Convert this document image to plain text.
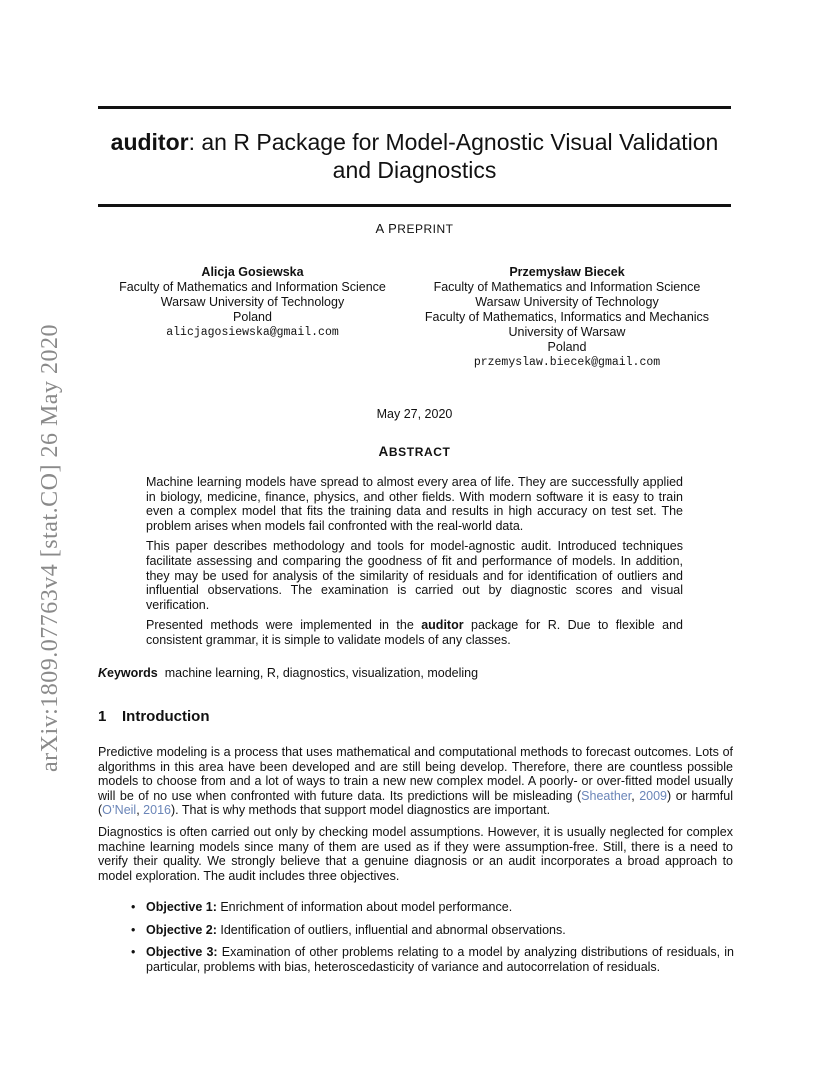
arXiv:1809.07763v4 [stat.CO] 26 May 2020
auditor: an R Package for Model-Agnostic Visual Validation
and Diagnostics
A PREPRINT
Alicja Gosiewska
Faculty of Mathematics and Information Science
Warsaw University of Technology
Poland
alicjagosiewska@gmail.com
Przemysław Biecek
Faculty of Mathematics and Information Science
Warsaw University of Technology
Faculty of Mathematics, Informatics and Mechanics
University of Warsaw
Poland
przemyslaw.biecek@gmail.com
May 27, 2020
ABSTRACT

Machine learning models have spread to almost every area of life. They are successfully applied in biology, medicine, finance, physics, and other fields. With modern software it is easy to train even a complex model that fits the training data and results in high accuracy on test set. The problem arises when models fail confronted with the real-world data.

This paper describes methodology and tools for model-agnostic audit. Introduced techniques facilitate assessing and comparing the goodness of fit and performance of models. In addition, they may be used for analysis of the similarity of residuals and for identification of outliers and influential observations. The examination is carried out by diagnostic scores and visual verification.

Presented methods were implemented in the auditor package for R. Due to flexible and consistent grammar, it is simple to validate models of any classes.

Keywords machine learning, R, diagnostics, visualization, modeling
1 Introduction

Predictive modeling is a process that uses mathematical and computational methods to forecast outcomes. Lots of algorithms in this area have been developed and are still being develop. Therefore, there are countless possible models to choose from and a lot of ways to train a new new complex model. A poorly- or over-fitted model usually will be of no use when confronted with future data. Its predictions will be misleading (Sheather, 2009) or harmful (O’Neil, 2016). That is why methods that support model diagnostics are important.

Diagnostics is often carried out only by checking model assumptions. However, it is usually neglected for complex machine learning models since many of them are used as if they were assumption-free. Still, there is a need to verify their quality. We strongly believe that a genuine diagnosis or an audit incorporates a broad approach to model exploration. The audit includes three objectives.

• Objective 1: Enrichment of information about model performance.
• Objective 2: Identification of outliers, influential and abnormal observations.
• Objective 3: Examination of other problems relating to a model by analyzing distributions of residuals, in particular, problems with bias, heteroscedasticity of variance and autocorrelation of residuals.
